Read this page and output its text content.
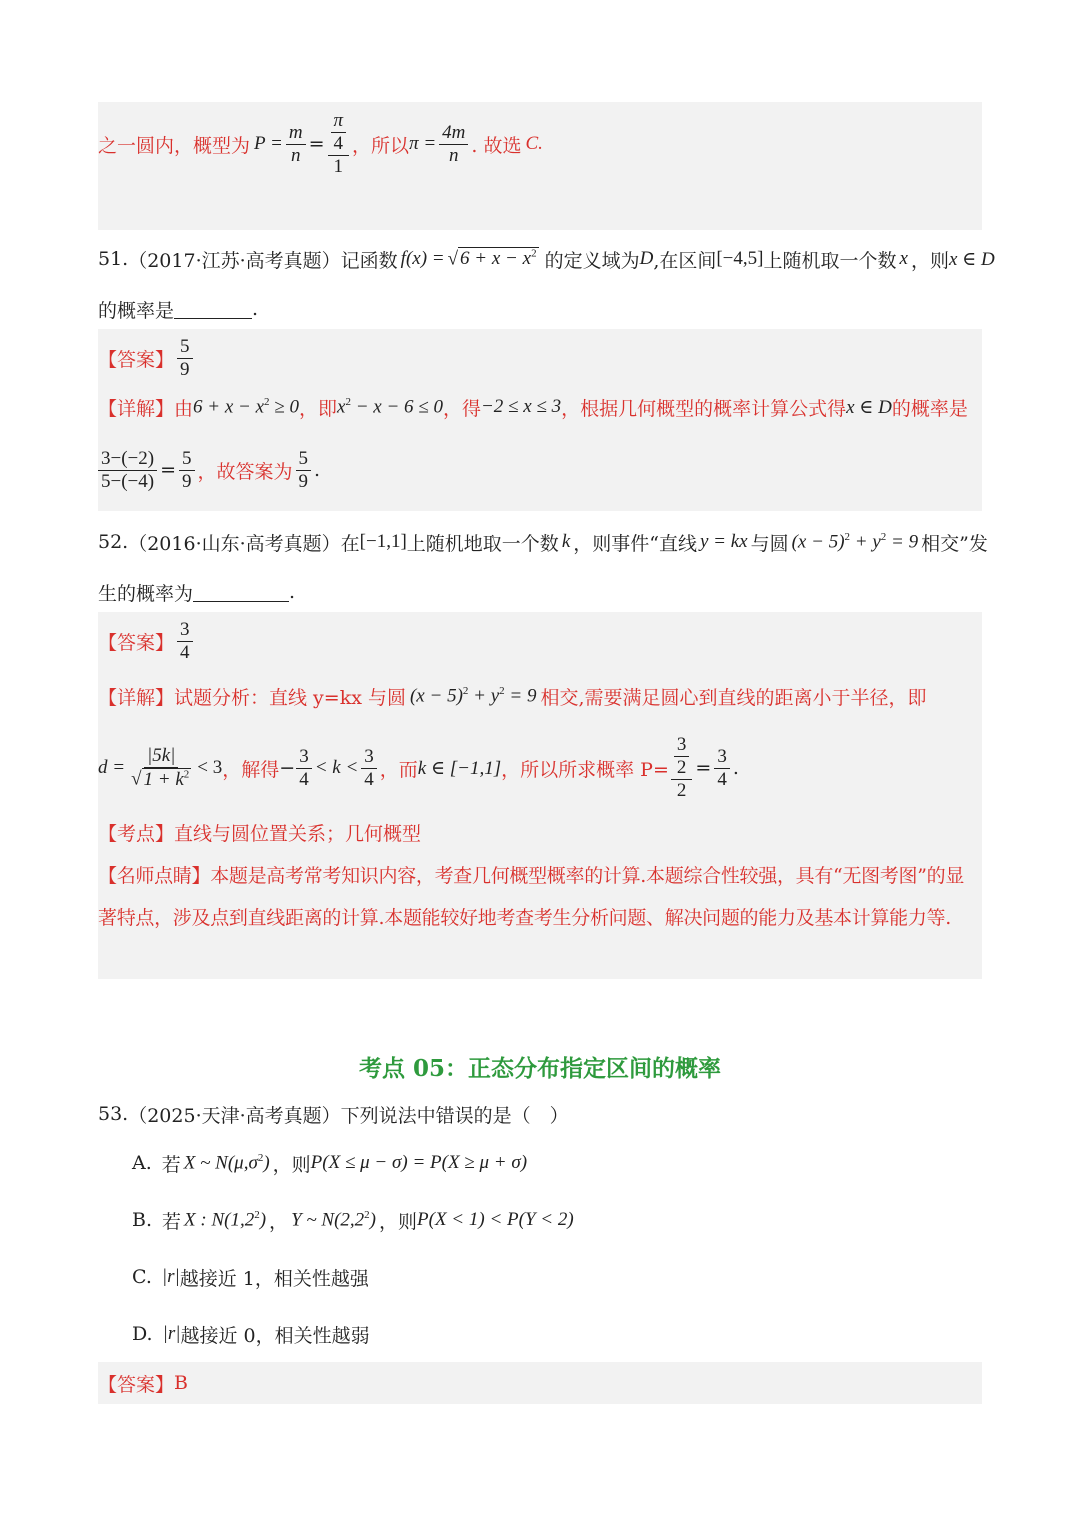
之一圆内，概型为 $P = \frac{m}{n} = \frac{\frac{\pi}{4}}{1}$ ，所以 $\pi = \frac{4m}{n}$ . 故选 C.
51. （2017·江苏·高考真题） 记函数 f(x) = √ $6 + x - x^2$ 的定义域为 D ,在区间 [−4,5] 上随机取一个数 x ，则 x ∈ D
的概率是	.
【答案】 $\frac{5}{9}$
【详解】 由 $6 + x - x^2 \ge 0$ ，即 $x^2 - x - 6 \le 0$ ，得 −2 ≤ x ≤ 3 ，根据几何概型的概率计算公式得 x ∈ D 的概率是
$\frac{3-(-2)}{5-(-4)} = \frac{5}{9}$ ，故答案为 $\frac{5}{9}$ .
52. （2016·山东·高考真题） 在 [−1,1] 上随机地取一个数 k ，则事件“直线 y = kx 与圆 $(x - 5)^2 + y^2 = 9$ 相交”发
生的概率为	.
【答案】 $\frac{3}{4}$
【详解】 试题分析：直线 y=kx 与圆 $(x - 5)^2 + y^2 = 9$ 相交,需要满足圆心到直线的距离小于半径，即
$d = \frac{|5k|}{√ 1 + k^2} < 3$ ，解得 − $\frac{3}{4} < k < \frac{3}{4}$ ，而 k ∈ [−1,1] ，所以所求概率 $P= \frac{\frac{3}{2}}{2} = \frac{3}{4}$ .
【考点】 直线与圆位置关系；几何概型
【名师点睛】 本题是高考常考知识内容，考查几何概型概率的计算.本题综合性较强，具有“无图考图”的显
著特点，涉及点到直线距离的计算.本题能较好地考查考生分析问题、解决问题的能力及基本计算能力等.
考点 05：正态分布指定区间的概率
53. （2025·天津·高考真题） 下列说法中错误的是（　）
A. 若 X ~ $N(\mu,\sigma^2)$ ，则 P(X ≤ μ − σ) = P(X ≥ μ + σ)
B. 若 X : $N(1,2^2)$ ， Y ~ $N(2,2^2)$ ，则 P(X < 1) < P(Y < 2)
C. |r| 越接近 1，相关性越强
D. |r| 越接近 0，相关性越弱
【答案】 B
